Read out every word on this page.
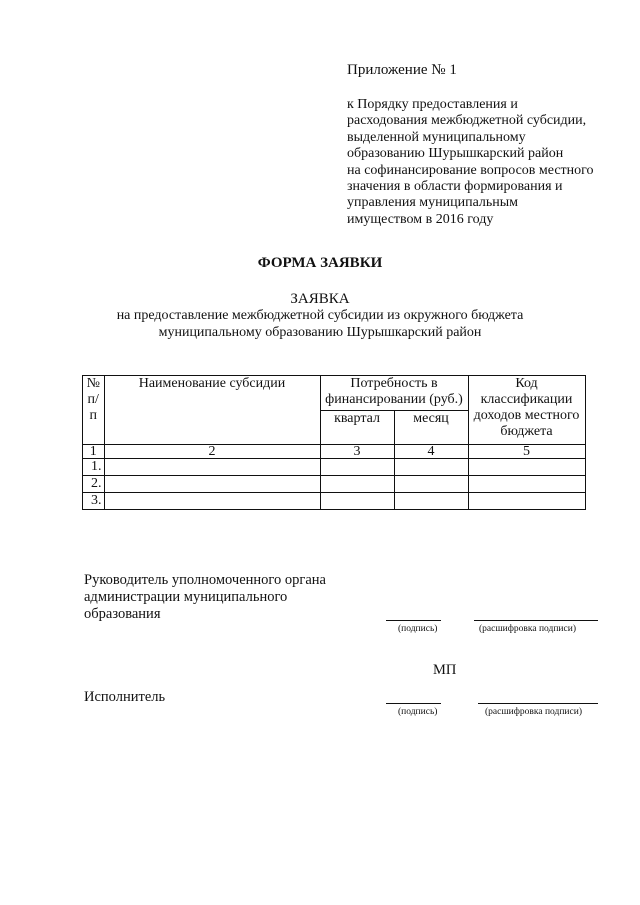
Приложение № 1
к Порядку предоставления и
расходования межбюджетной субсидии,
выделенной муниципальному
образованию Шурышкарский район
на софинансирование вопросов местного
значения в области формирования и
управления муниципальным
имуществом в 2016 году
ФОРМА ЗАЯВКИ
ЗАЯВКА
на предоставление межбюджетной субсидии из окружного бюджета
муниципальному образованию Шурышкарский район
№ п/п	Наименование субсидии	Потребность в финансировании (руб.)		Код классификации доходов местного бюджета
		квартал	месяц	
1	2	3	4	5
1.				
2.				
3.				
Руководитель уполномоченного органа
администрации муниципального
образования
(подпись)	(расшифровка подписи)
МП
Исполнитель
(подпись)	(расшифровка подписи)
